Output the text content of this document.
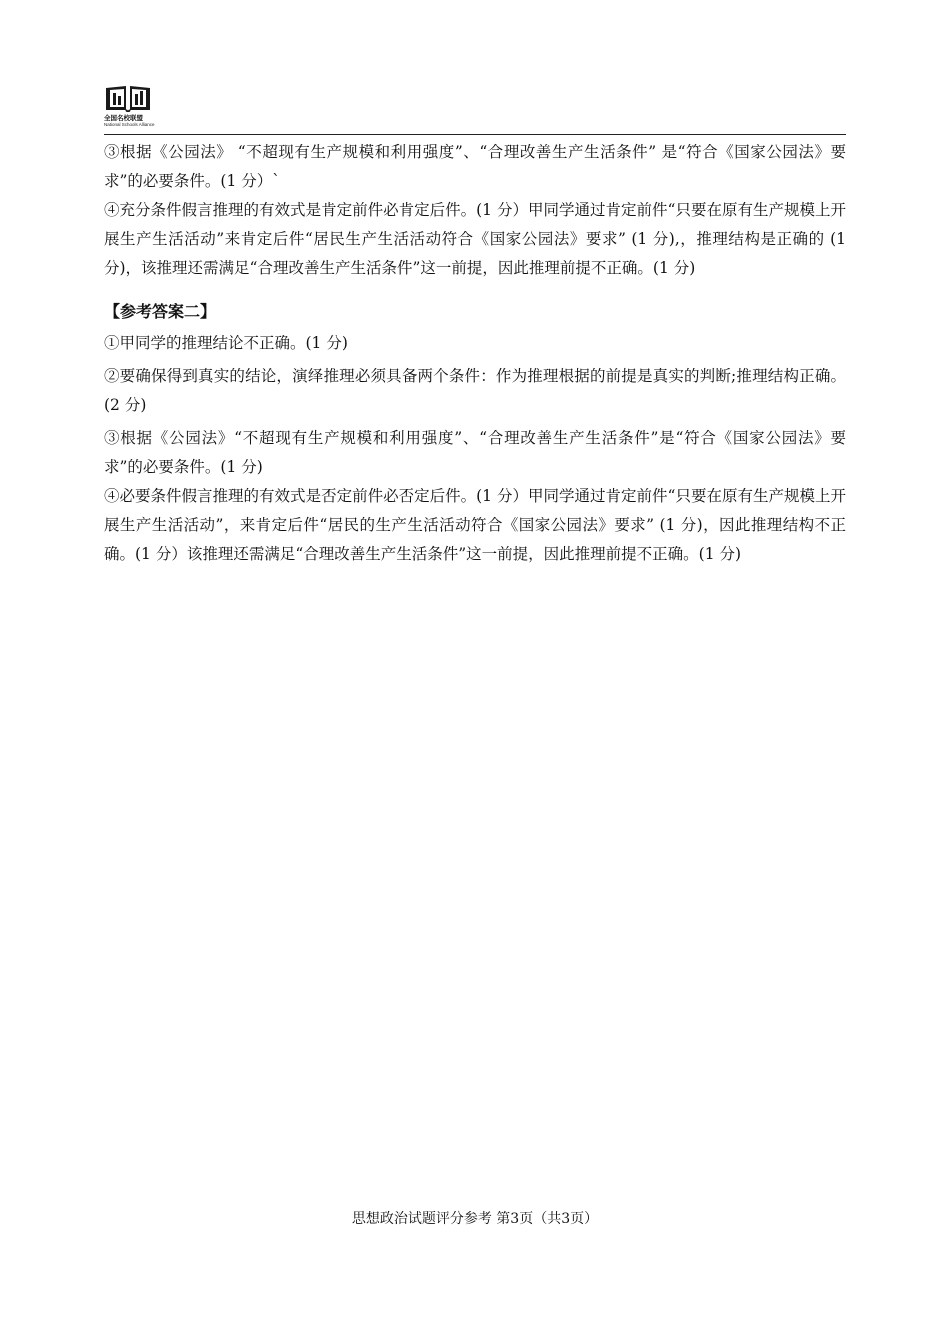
全国名校联盟
National Schools Alliance

③根据《公园法》 “不超现有生产规模和利用强度”、“合理改善生产生活条件” 是“符合《国家公园法》要求”的必要条件。(1 分）`

④充分条件假言推理的有效式是肯定前件必肯定后件。(1 分）甲同学通过肯定前件“只要在原有生产规模上开展生产生活活动”来肯定后件“居民生产生活活动符合《国家公园法》要求” (1 分),，推理结构是正确的 (1 分)，该推理还需满足“合理改善生产生活条件”这一前提，因此推理前提不正确。(1 分)

【参考答案二】

①甲同学的推理结论不正确。(1 分)

②要确保得到真实的结论，演绎推理必须具备两个条件：作为推理根据的前提是真实的判断;推理结构正确。(2 分)

③根据《公园法》“不超现有生产规模和利用强度”、“合理改善生产生活条件”是“符合《国家公园法》要求”的必要条件。(1 分)

④必要条件假言推理的有效式是否定前件必否定后件。(1 分）甲同学通过肯定前件“只要在原有生产规模上开展生产生活活动”，来肯定后件“居民的生产生活活动符合《国家公园法》要求” (1 分)，因此推理结构不正确。(1 分）该推理还需满足“合理改善生产生活条件”这一前提，因此推理前提不正确。(1 分)

思想政治试题评分参考 第3页（共3页）
